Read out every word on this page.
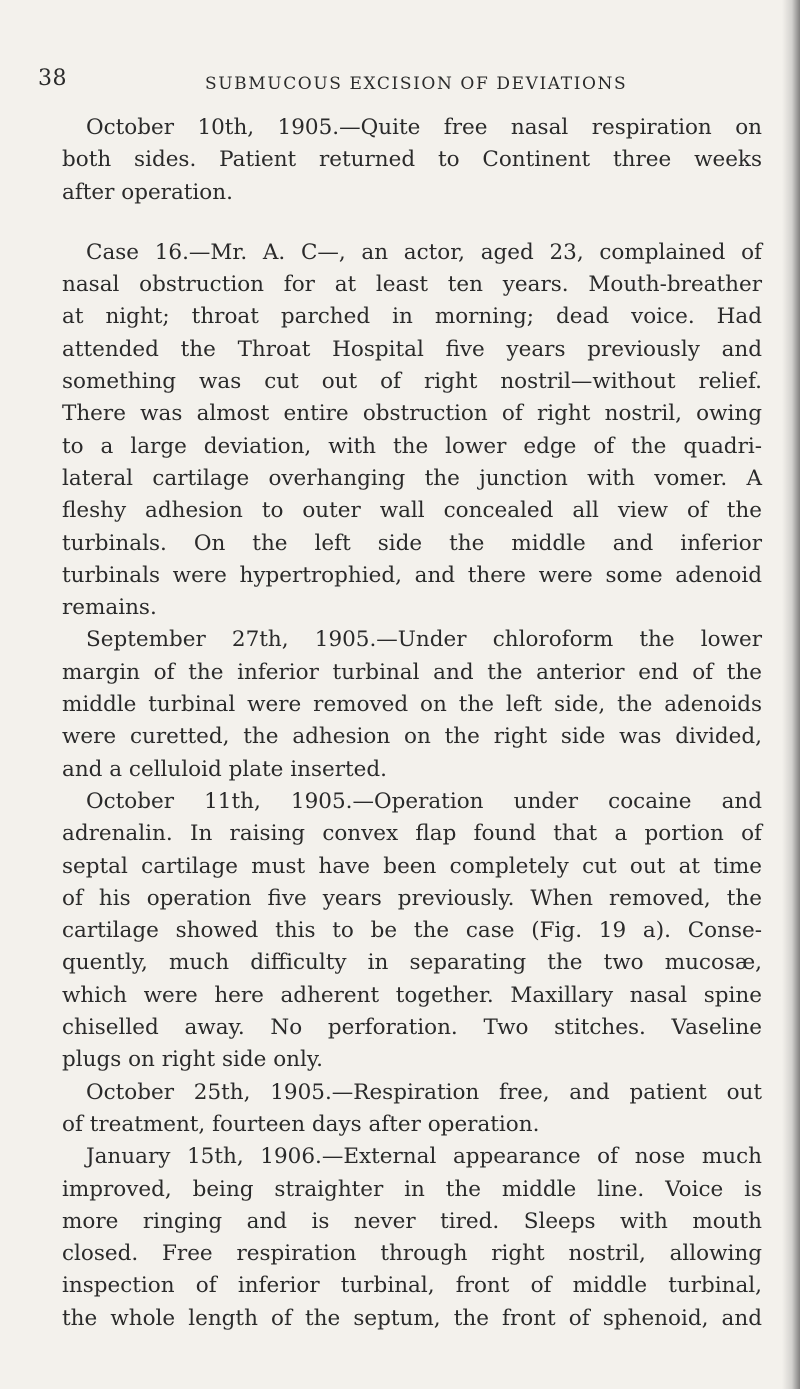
38	SUBMUCOUS EXCISION OF DEVIATIONS
October 10th, 1905.—Quite free nasal respiration on
both sides. Patient returned to Continent three weeks
after operation.
Case 16.—Mr. A. C—, an actor, aged 23, complained of
nasal obstruction for at least ten years. Mouth-breather
at night; throat parched in morning; dead voice. Had
attended the Throat Hospital five years previously and
something was cut out of right nostril—without relief.
There was almost entire obstruction of right nostril, owing
to a large deviation, with the lower edge of the quadri-
lateral cartilage overhanging the junction with vomer. A
fleshy adhesion to outer wall concealed all view of the
turbinals. On the left side the middle and inferior
turbinals were hypertrophied, and there were some adenoid
remains.
September 27th, 1905.—Under chloroform the lower
margin of the inferior turbinal and the anterior end of the
middle turbinal were removed on the left side, the adenoids
were curetted, the adhesion on the right side was divided,
and a celluloid plate inserted.
October 11th, 1905.—Operation under cocaine and
adrenalin. In raising convex flap found that a portion of
septal cartilage must have been completely cut out at time
of his operation five years previously. When removed, the
cartilage showed this to be the case (Fig. 19 a). Conse-
quently, much difficulty in separating the two mucosæ,
which were here adherent together. Maxillary nasal spine
chiselled away. No perforation. Two stitches. Vaseline
plugs on right side only.
October 25th, 1905.—Respiration free, and patient out
of treatment, fourteen days after operation.
January 15th, 1906.—External appearance of nose much
improved, being straighter in the middle line. Voice is
more ringing and is never tired. Sleeps with mouth
closed. Free respiration through right nostril, allowing
inspection of inferior turbinal, front of middle turbinal,
the whole length of the septum, the front of sphenoid, and
